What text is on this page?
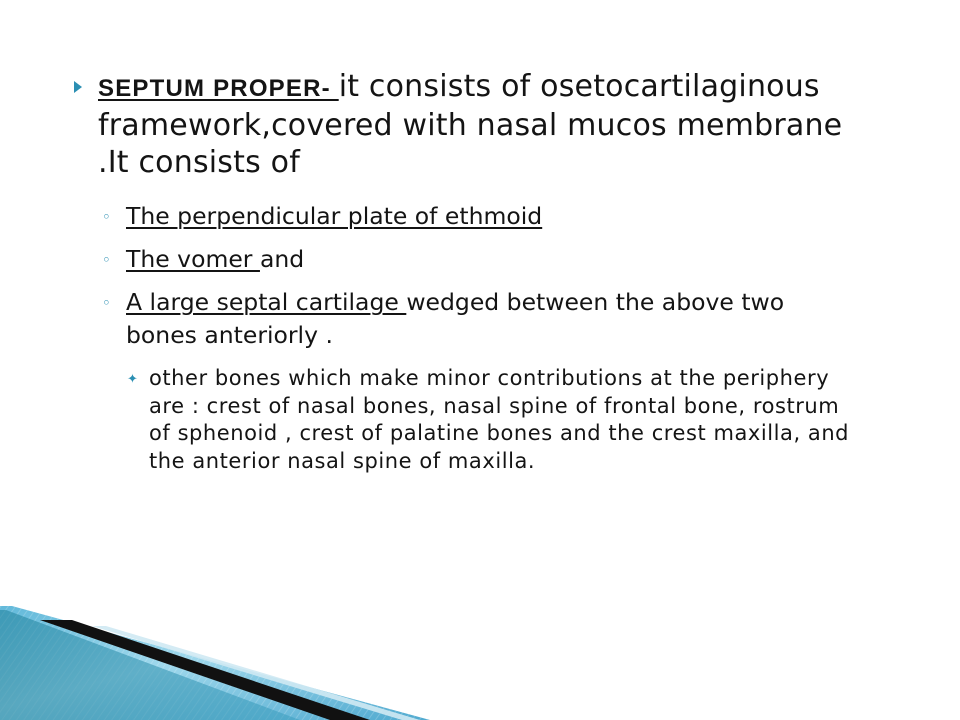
SEPTUM PROPER- it consists of osetocartilaginous framework,covered with nasal mucos membrane .It consists of
◦ The perpendicular plate of ethmoid
◦ The vomer and
◦ A large septal cartilage wedged between the above two bones anteriorly .
✦ other bones which make minor contributions at the periphery are : crest of nasal bones, nasal spine of frontal bone, rostrum of sphenoid , crest of palatine bones and the crest maxilla, and the anterior nasal spine of maxilla.
